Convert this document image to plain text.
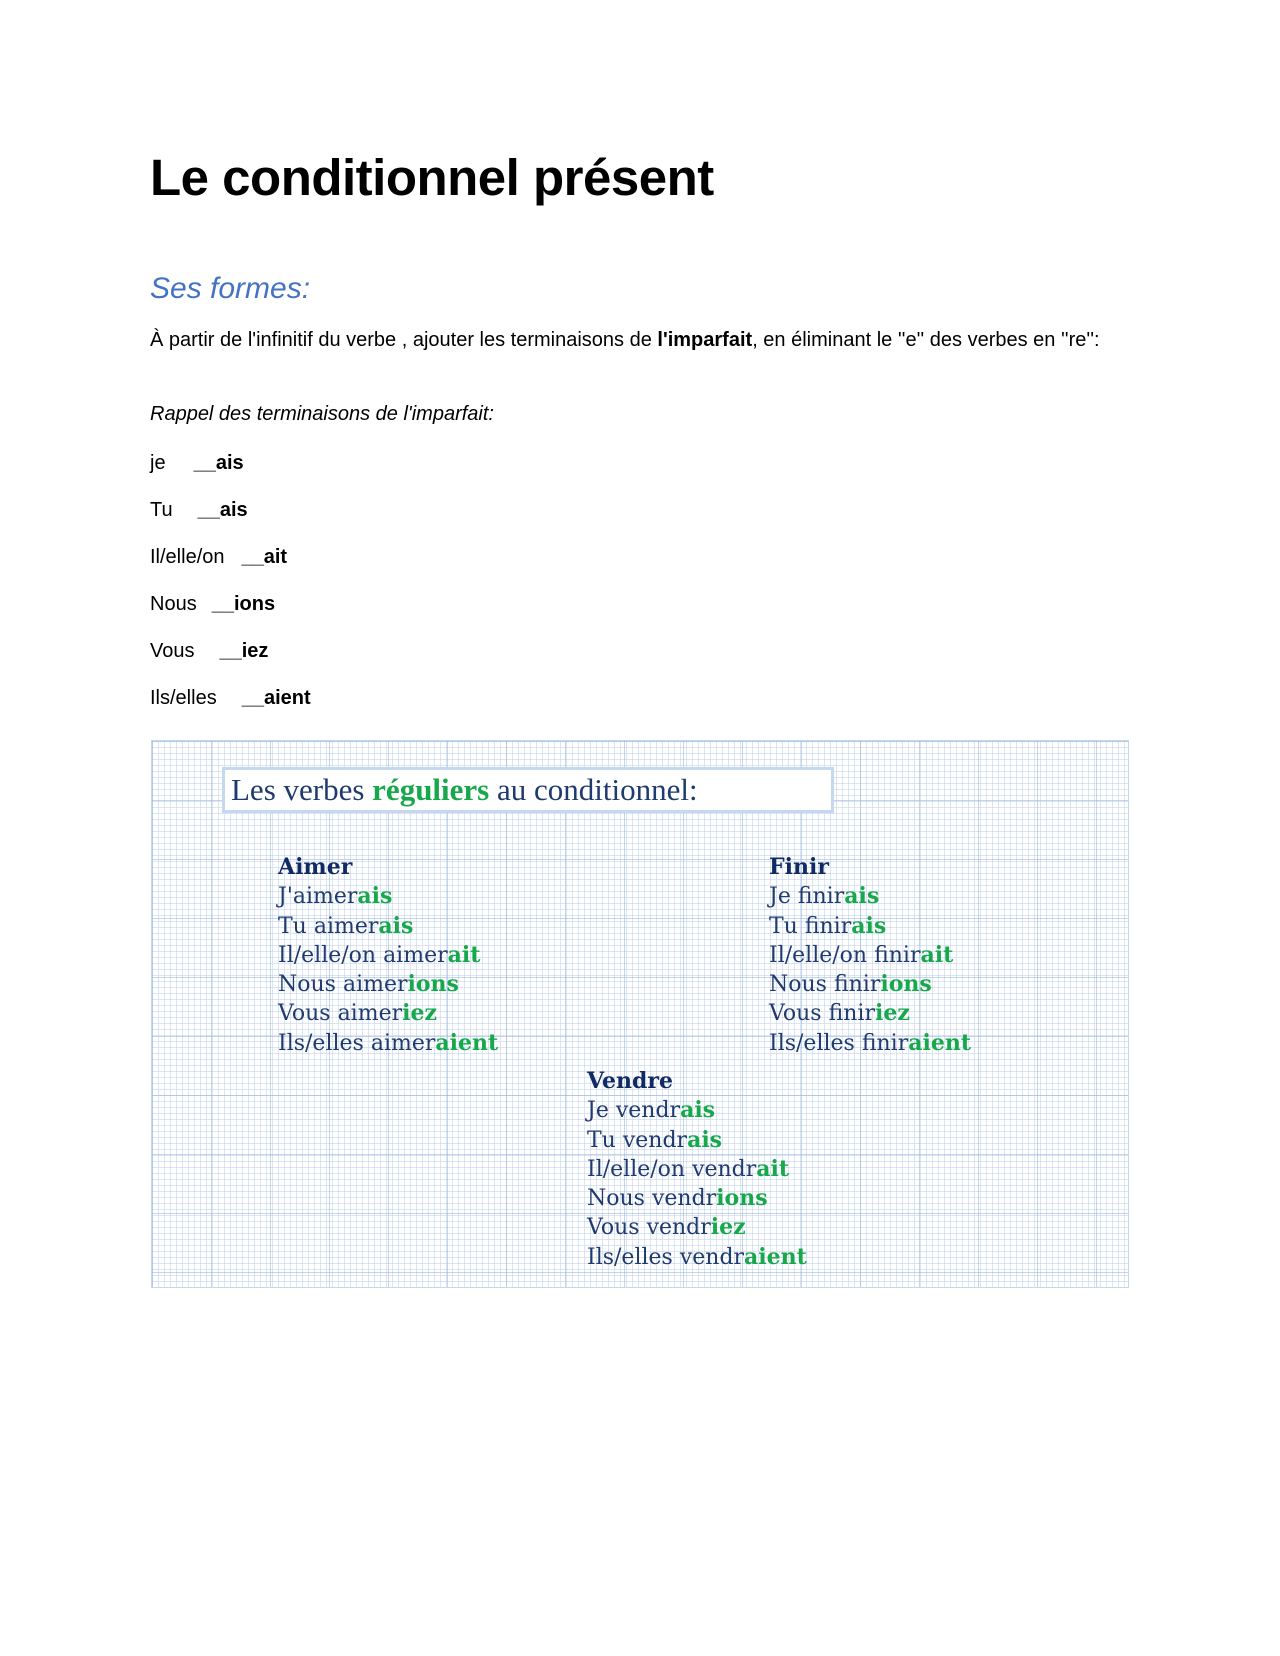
Le conditionnel présent
Ses formes:

À partir de l'infinitif du verbe , ajouter les terminaisons de l'imparfait, en éliminant le ''e'' des verbes en ''re'':

Rappel des terminaisons de l'imparfait:

je __ais
Tu __ais
Il/elle/on __ait
Nous __ions
Vous __iez
Ils/elles __aient
Les verbes réguliers au conditionnel:
Aimer
J'aimerais
Tu aimerais
Il/elle/on aimerait
Nous aimerions
Vous aimeriez
Ils/elles aimeraient
Finir
Je finirais
Tu finirais
Il/elle/on finirait
Nous finirions
Vous finiriez
Ils/elles finiraient
Vendre
Je vendrais
Tu vendrais
Il/elle/on vendrait
Nous vendrions
Vous vendriez
Ils/elles vendraient
